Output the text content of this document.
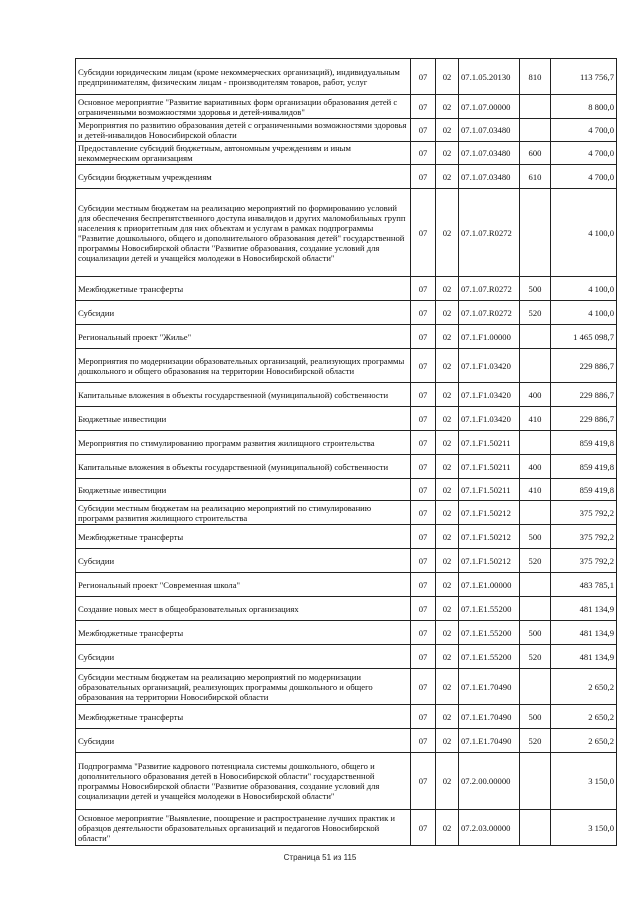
Субсидии юридическим лицам (кроме некоммерческих организаций), индивидуальным предпринимателям, физическим лицам - производителям товаров, работ, услуг	07	02	07.1.05.20130	810	113 756,7
Основное мероприятие "Развитие вариативных форм организации образования детей с ограниченными возможностями здоровья и детей-инвалидов"	07	02	07.1.07.00000		8 800,0
Мероприятия по развитию образования детей с ограниченными возможностями здоровья и детей-инвалидов Новосибирской области	07	02	07.1.07.03480		4 700,0
Предоставление субсидий бюджетным, автономным учреждениям и иным некоммерческим организациям	07	02	07.1.07.03480	600	4 700,0
Субсидии бюджетным учреждениям	07	02	07.1.07.03480	610	4 700,0
Субсидии местным бюджетам на реализацию мероприятий по формированию условий для обеспечения беспрепятственного доступа инвалидов и других маломобильных групп населения к приоритетным для них объектам и услугам в рамках подпрограммы "Развитие дошкольного, общего и дополнительного образования детей" государственной программы Новосибирской области "Развитие образования, создание условий для социализации детей и учащейся молодежи в Новосибирской области"	07	02	07.1.07.R0272		4 100,0
Межбюджетные трансферты	07	02	07.1.07.R0272	500	4 100,0
Субсидии	07	02	07.1.07.R0272	520	4 100,0
Региональный проект "Жилье"	07	02	07.1.F1.00000		1 465 098,7
Мероприятия по модернизации образовательных организаций, реализующих программы дошкольного и общего образования на территории Новосибирской области	07	02	07.1.F1.03420		229 886,7
Капитальные вложения в объекты государственной (муниципальной) собственности	07	02	07.1.F1.03420	400	229 886,7
Бюджетные инвестиции	07	02	07.1.F1.03420	410	229 886,7
Мероприятия по стимулированию программ развития жилищного строительства	07	02	07.1.F1.50211		859 419,8
Капитальные вложения в объекты государственной (муниципальной) собственности	07	02	07.1.F1.50211	400	859 419,8
Бюджетные инвестиции	07	02	07.1.F1.50211	410	859 419,8
Субсидии местным бюджетам на реализацию мероприятий по стимулированию программ развития жилищного строительства	07	02	07.1.F1.50212		375 792,2
Межбюджетные трансферты	07	02	07.1.F1.50212	500	375 792,2
Субсидии	07	02	07.1.F1.50212	520	375 792,2
Региональный проект "Современная школа"	07	02	07.1.E1.00000		483 785,1
Создание новых мест в общеобразовательных организациях	07	02	07.1.E1.55200		481 134,9
Межбюджетные трансферты	07	02	07.1.E1.55200	500	481 134,9
Субсидии	07	02	07.1.E1.55200	520	481 134,9
Субсидии местным бюджетам на реализацию мероприятий по модернизации образовательных организаций, реализующих программы дошкольного и общего образования на территории Новосибирской области	07	02	07.1.E1.70490		2 650,2
Межбюджетные трансферты	07	02	07.1.E1.70490	500	2 650,2
Субсидии	07	02	07.1.E1.70490	520	2 650,2
Подпрограмма "Развитие кадрового потенциала системы дошкольного, общего и дополнительного образования детей в Новосибирской области" государственной программы Новосибирской области "Развитие образования, создание условий для социализации детей и учащейся молодежи в Новосибирской области"	07	02	07.2.00.00000		3 150,0
Основное мероприятие "Выявление, поощрение и распространение лучших практик и образцов деятельности образовательных организаций и педагогов Новосибирской области"	07	02	07.2.03.00000		3 150,0
Страница 51 из 115
